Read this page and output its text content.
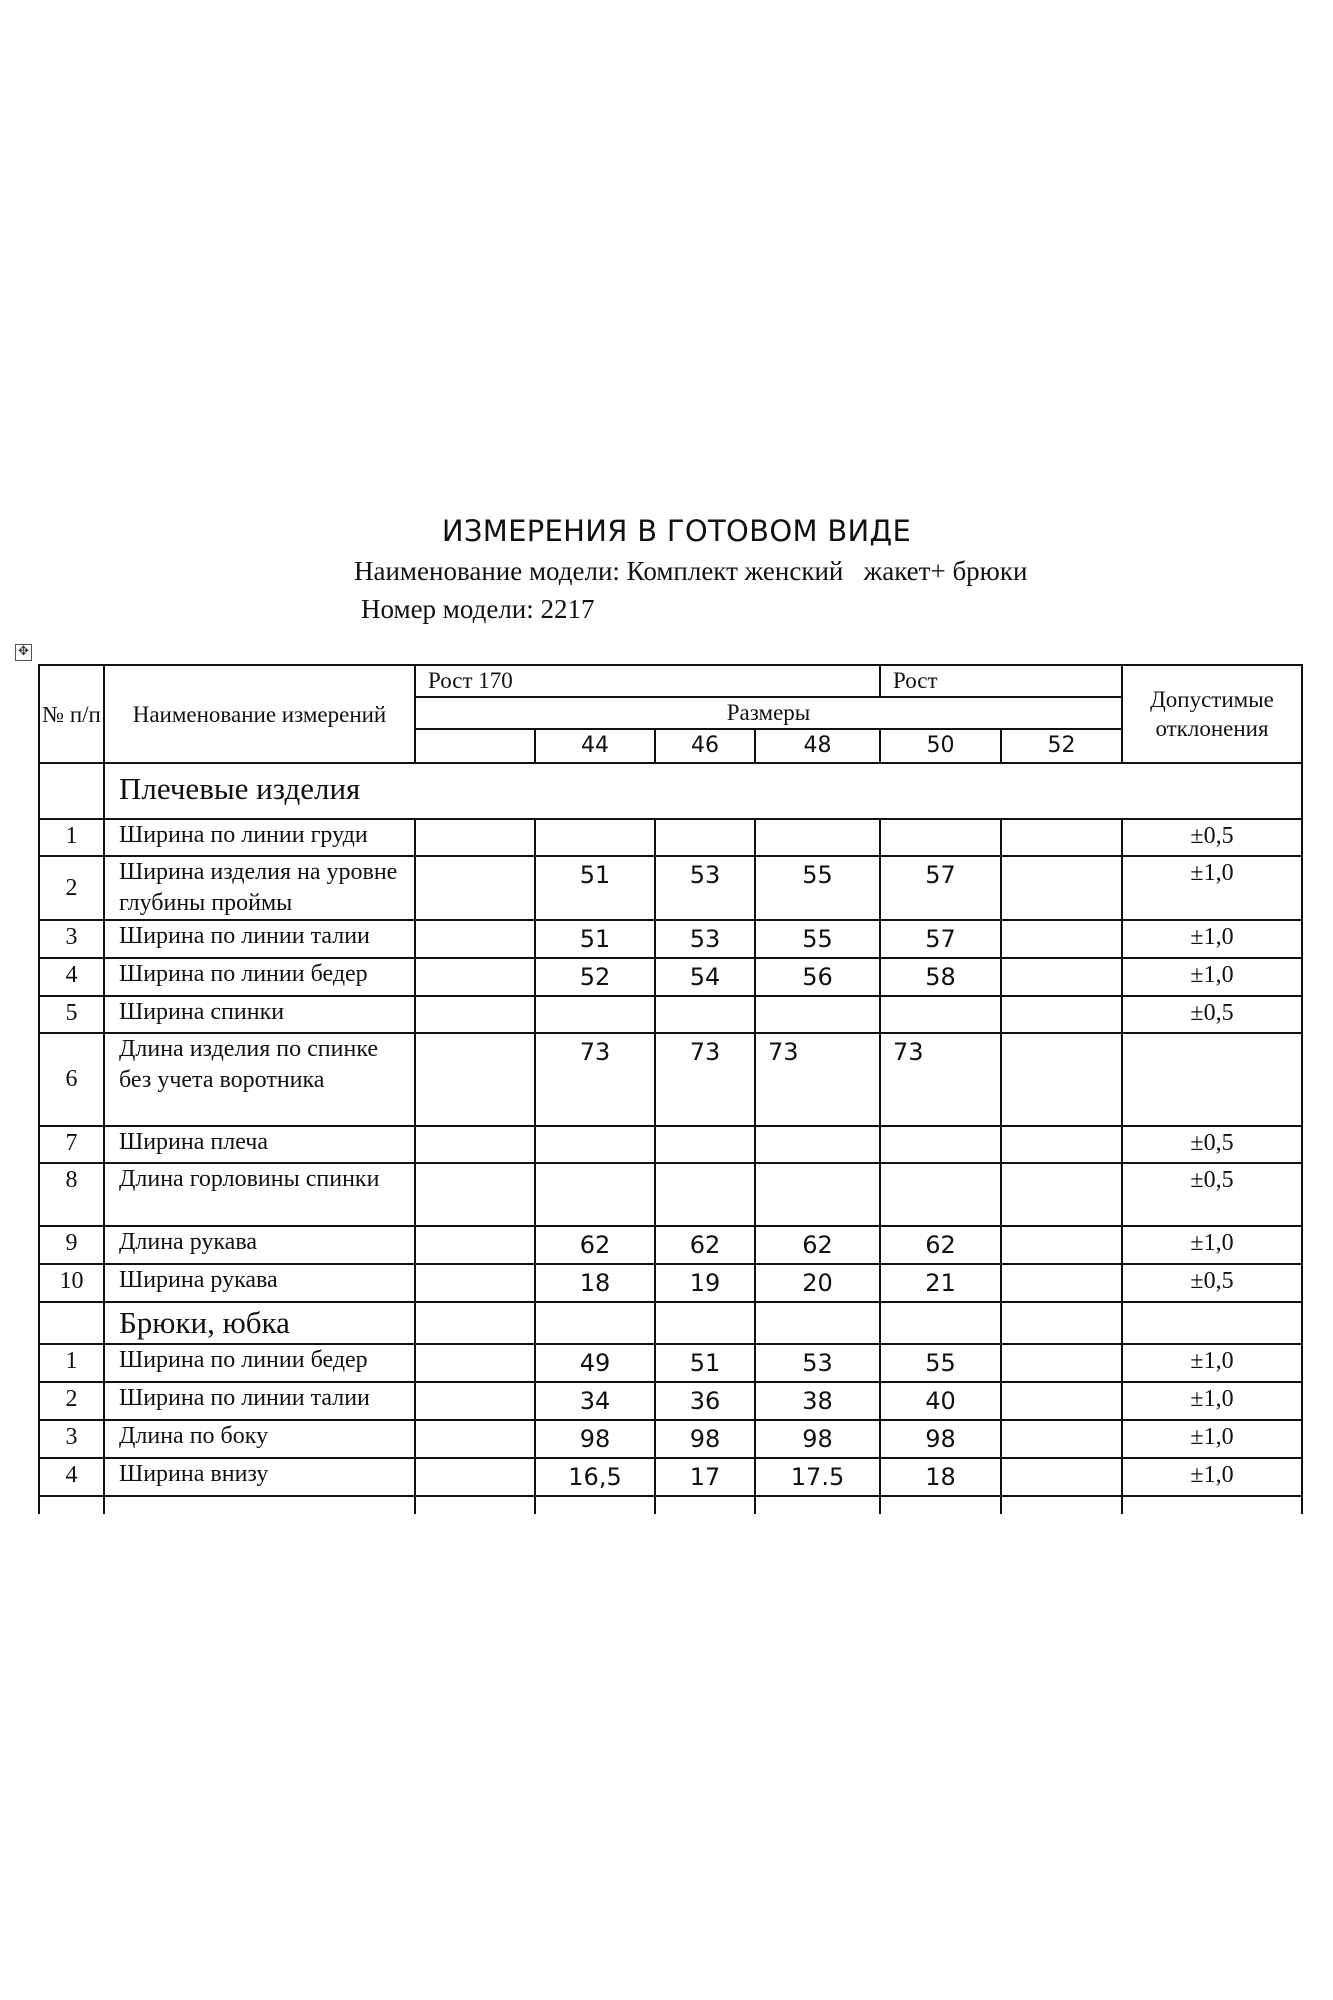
ИЗМЕРЕНИЯ В ГОТОВОМ ВИДЕ
Наименование модели: Комплект женский   жакет+ брюки
Номер модели: 2217
✥
№ п/п	Наименование измерений	Рост 170				Рост		Допустимые отклонения
		Размеры						
			44	46	48	50	52	
	Плечевые изделия							
1	Ширина по линии груди							±0,5
2	Ширина изделия на уровне глубины проймы		51	53	55	57		±1,0
3	Ширина по линии талии		51	53	55	57		±1,0
4	Ширина по линии бедер		52	54	56	58		±1,0
5	Ширина спинки							±0,5
6	Длина изделия по спинке без учета воротника		73	73	73	73		
7	Ширина плеча							±0,5
8	Длина горловины спинки							±0,5
9	Длина рукава		62	62	62	62		±1,0
10	Ширина рукава		18	19	20	21		±0,5
	Брюки, юбка							
1	Ширина по линии бедер		49	51	53	55		±1,0
2	Ширина по линии талии		34	36	38	40		±1,0
3	Длина по боку		98	98	98	98		±1,0
4	Ширина внизу		16,5	17	17.5	18		±1,0
